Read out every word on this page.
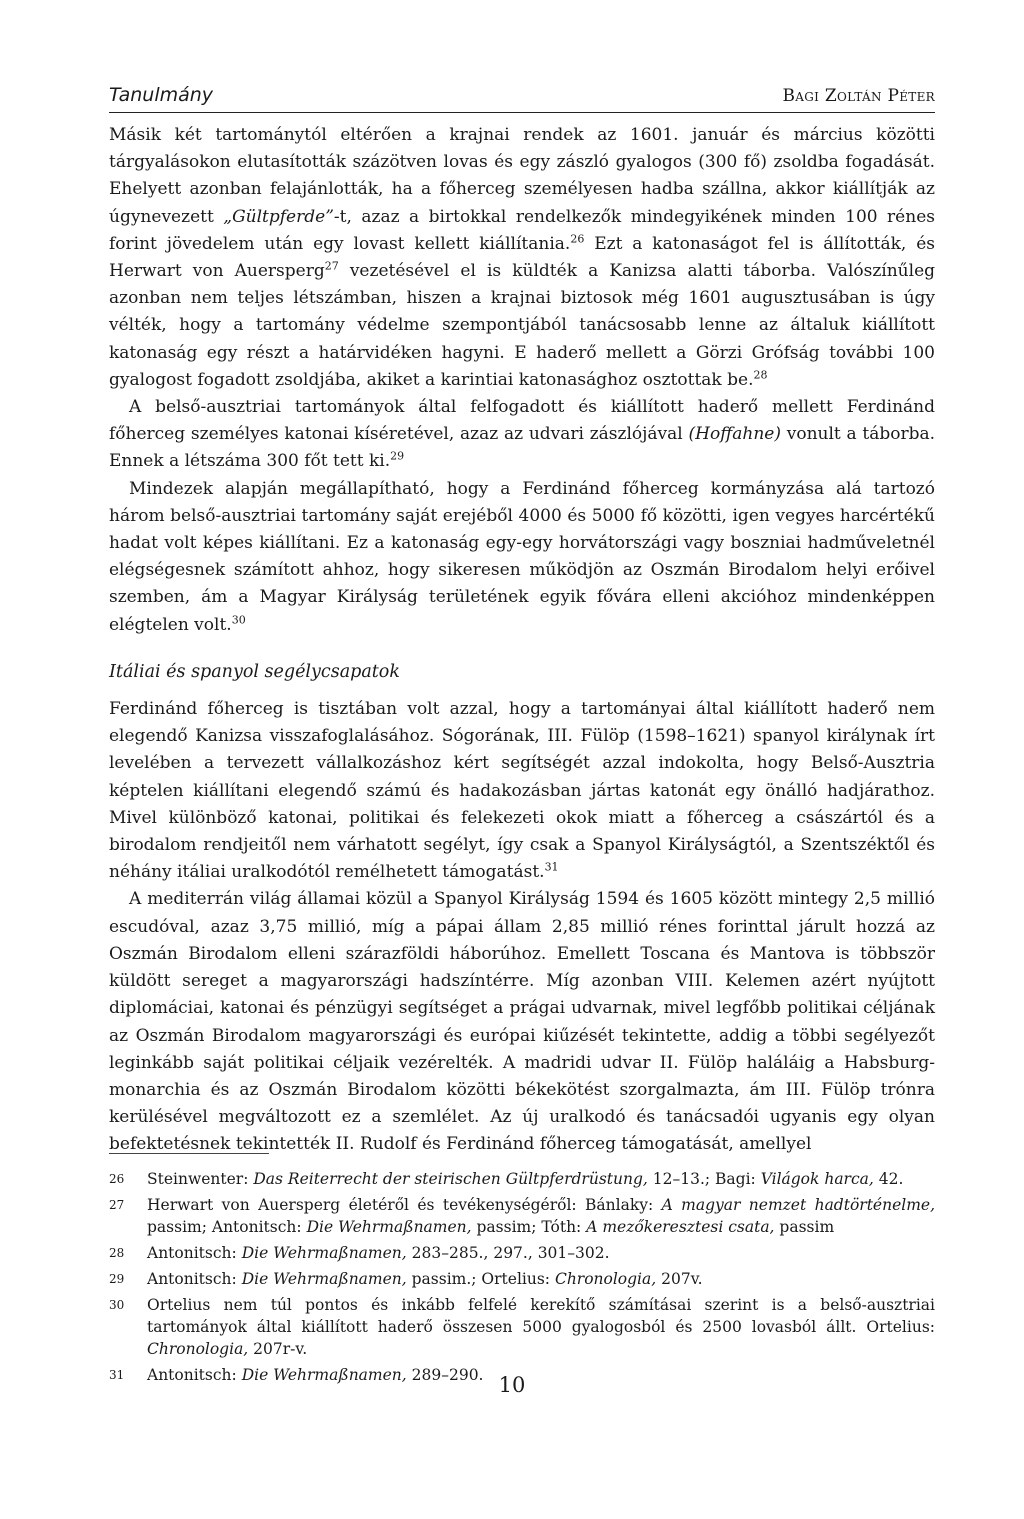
Tanulmány	Bagi Zoltán Péter

Másik két tartománytól eltérően a krajnai rendek az 1601. január és március közötti tárgyalásokon elutasították százötven lovas és egy zászló gyalogos (300 fő) zsoldba fogadását. Ehelyett azonban felajánlották, ha a főherceg személyesen hadba szállna, akkor kiállítják az úgynevezett „Gültpferde”-t, azaz a birtokkal rendelkezők mindegyikének minden 100 rénes forint jövedelem után egy lovast kellett kiállítania.$^{26}$ Ezt a katonaságot fel is állították, és Herwart von Auersperg$^{27}$ vezetésével el is küldték a Kanizsa alatti táborba. Valószínűleg azonban nem teljes létszámban, hiszen a krajnai biztosok még 1601 augusztusában is úgy vélték, hogy a tartomány védelme szempontjából tanácsosabb lenne az általuk kiállított katonaság egy részt a határvidéken hagyni. E haderő mellett a Görzi Grófság további 100 gyalogost fogadott zsoldjába, akiket a karintiai katonasághoz osztottak be.$^{28}$

A belső-ausztriai tartományok által felfogadott és kiállított haderő mellett Ferdinánd főherceg személyes katonai kíséretével, azaz az udvari zászlójával (Hoffahne) vonult a táborba. Ennek a létszáma 300 főt tett ki.$^{29}$

Mindezek alapján megállapítható, hogy a Ferdinánd főherceg kormányzása alá tartozó három belső-ausztriai tartomány saját erejéből 4000 és 5000 fő közötti, igen vegyes harcértékű hadat volt képes kiállítani. Ez a katonaság egy-egy horvátországi vagy boszniai hadműveletnél elégségesnek számított ahhoz, hogy sikeresen működjön az Oszmán Birodalom helyi erőivel szemben, ám a Magyar Királyság területének egyik fővára elleni akcióhoz mindenképpen elégtelen volt.$^{30}$

Itáliai és spanyol segélycsapatok

Ferdinánd főherceg is tisztában volt azzal, hogy a tartományai által kiállított haderő nem elegendő Kanizsa visszafoglalásához. Sógorának, III. Fülöp (1598–1621) spanyol királynak írt levelében a tervezett vállalkozáshoz kért segítségét azzal indokolta, hogy Belső-Ausztria képtelen kiállítani elegendő számú és hadakozásban jártas katonát egy önálló hadjárathoz. Mivel különböző katonai, politikai és felekezeti okok miatt a főherceg a császártól és a birodalom rendjeitől nem várhatott segélyt, így csak a Spanyol Királyságtól, a Szentszéktől és néhány itáliai uralkodótól remélhetett támogatást.$^{31}$

A mediterrán világ államai közül a Spanyol Királyság 1594 és 1605 között mintegy 2,5 millió escudóval, azaz 3,75 millió, míg a pápai állam 2,85 millió rénes forinttal járult hozzá az Oszmán Birodalom elleni szárazföldi háborúhoz. Emellett Toscana és Mantova is többször küldött sereget a magyarországi hadszíntérre. Míg azonban VIII. Kelemen azért nyújtott diplomáciai, katonai és pénzügyi segítséget a prágai udvarnak, mivel legfőbb politikai céljának az Oszmán Birodalom magyarországi és európai kiűzését tekintette, addig a többi segélyezőt leginkább saját politikai céljaik vezérelték. A madridi udvar II. Fülöp haláláig a Habsburg-monarchia és az Oszmán Birodalom közötti békekötést szorgalmazta, ám III. Fülöp trónra kerülésével megváltozott ez a szemlélet. Az új uralkodó és tanácsadói ugyanis egy olyan befektetésnek tekintették II. Rudolf és Ferdinánd főherceg támogatását, amellyel

26 Steinwenter: Das Reiterrecht der steirischen Gültpferdrüstung, 12–13.; Bagi: Világok harca, 42.
27 Herwart von Auersperg életéről és tevékenységéről: Bánlaky: A magyar nemzet hadtörténelme, passim; Antonitsch: Die Wehrmaßnamen, passim; Tóth: A mezőkeresztesi csata, passim
28 Antonitsch: Die Wehrmaßnamen, 283–285., 297., 301–302.
29 Antonitsch: Die Wehrmaßnamen, passim.; Ortelius: Chronologia, 207v.
30 Ortelius nem túl pontos és inkább felfelé kerekítő számításai szerint is a belső-ausztriai tartományok által kiállított haderő összesen 5000 gyalogosból és 2500 lovasból állt. Ortelius: Chronologia, 207r-v.
31 Antonitsch: Die Wehrmaßnamen, 289–290. 10
